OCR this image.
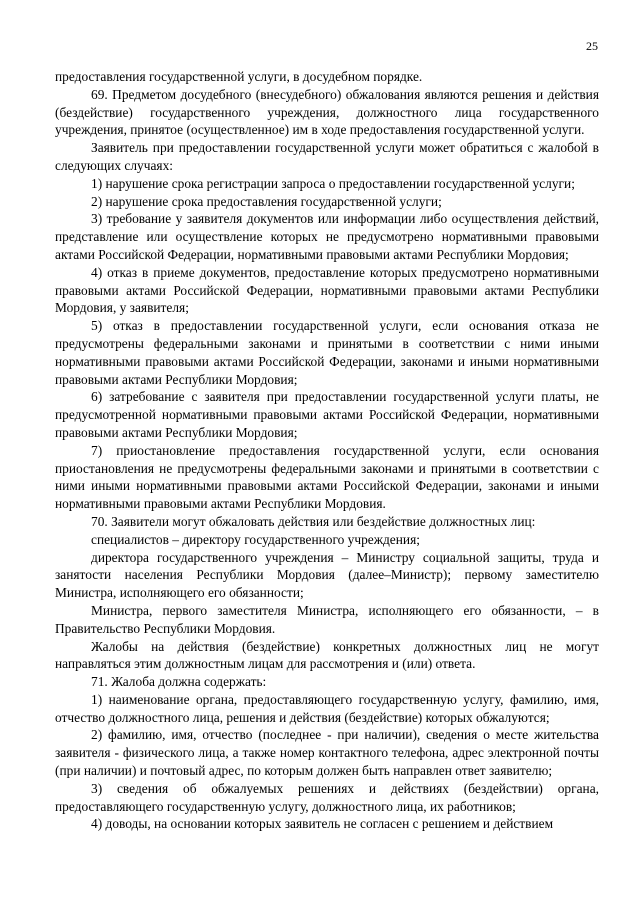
25

предоставления государственной услуги, в досудебном порядке.

69. Предметом досудебного (внесудебного) обжалования являются решения и действия (бездействие) государственного учреждения, должностного лица государственного учреждения, принятое (осуществленное) им в ходе предоставления государственной услуги.

Заявитель при предоставлении государственной услуги может обратиться с жалобой в следующих случаях:

1) нарушение срока регистрации запроса о предоставлении государственной услуги;

2) нарушение срока предоставления государственной услуги;

3) требование у заявителя документов или информации либо осуществления действий, представление или осуществление которых не предусмотрено нормативными правовыми актами Российской Федерации, нормативными правовыми актами Республики Мордовия;

4) отказ в приеме документов, предоставление которых предусмотрено нормативными правовыми актами Российской Федерации, нормативными правовыми актами Республики Мордовия, у заявителя;

5) отказ в предоставлении государственной услуги, если основания отказа не предусмотрены федеральными законами и принятыми в соответствии с ними иными нормативными правовыми актами Российской Федерации, законами и иными нормативными правовыми актами Республики Мордовия;

6) затребование с заявителя при предоставлении государственной услуги платы, не предусмотренной нормативными правовыми актами Российской Федерации, нормативными правовыми актами Республики Мордовия;

7) приостановление предоставления государственной услуги, если основания приостановления не предусмотрены федеральными законами и принятыми в соответствии с ними иными нормативными правовыми актами Российской Федерации, законами и иными нормативными правовыми актами Республики Мордовия.

70. Заявители могут обжаловать действия или бездействие должностных лиц:

специалистов – директору государственного учреждения;

директора государственного учреждения – Министру социальной защиты, труда и занятости населения Республики Мордовия (далее–Министр); первому заместителю Министра, исполняющего его обязанности;

Министра, первого заместителя Министра, исполняющего его обязанности, – в Правительство Республики Мордовия.

Жалобы на действия (бездействие) конкретных должностных лиц не могут направляться этим должностным лицам для рассмотрения и (или) ответа.

71. Жалоба должна содержать:

1) наименование органа, предоставляющего государственную услугу, фамилию, имя, отчество должностного лица, решения и действия (бездействие) которых обжалуются;

2) фамилию, имя, отчество (последнее - при наличии), сведения о месте жительства заявителя - физического лица, а также номер контактного телефона, адрес электронной почты (при наличии) и почтовый адрес, по которым должен быть направлен ответ заявителю;

3) сведения об обжалуемых решениях и действиях (бездействии) органа, предоставляющего государственную услугу, должностного лица, их работников;

4) доводы, на основании которых заявитель не согласен с решением и действием
